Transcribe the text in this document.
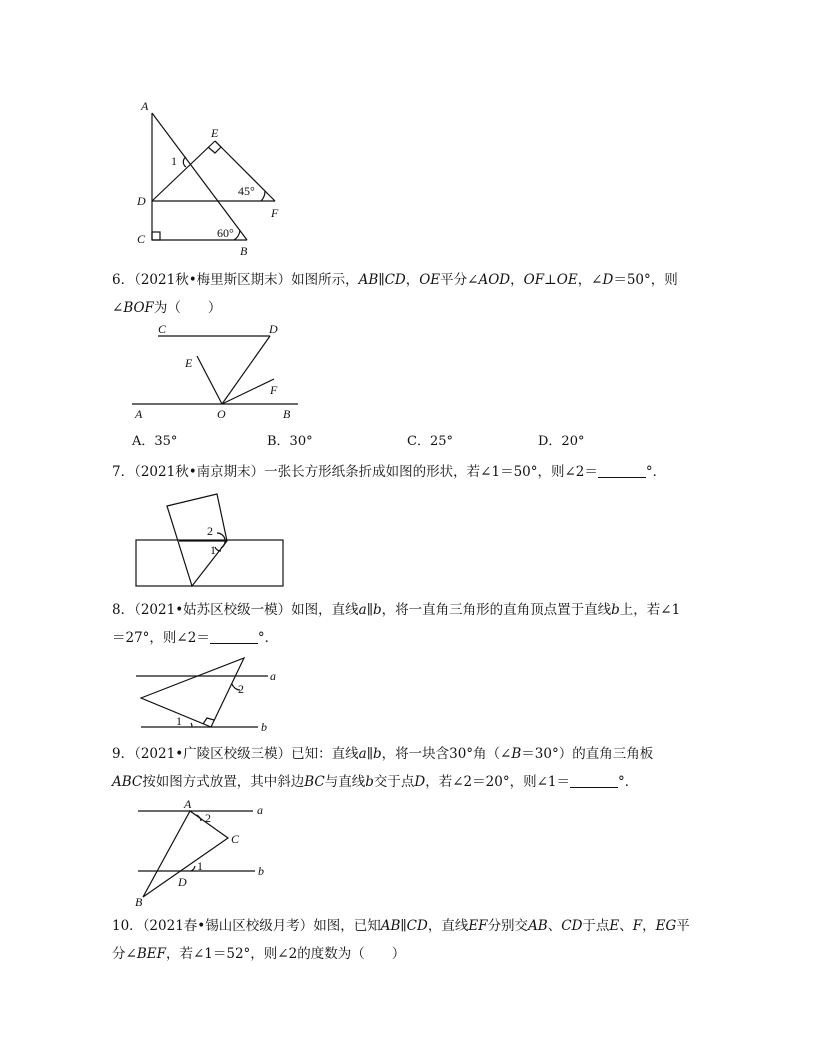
A
E
D
F
C
B
1
45°
60°
6．（2021秋•梅里斯区期末）如图所示，AB∥CD，OE平分∠AOD，OF⊥OE，∠D＝50°，则
∠BOF为（　　）
C	D
E
F
A	O	B
A．35°	B．30°	C．25°	D．20°
7．（2021秋•南京期末）一张长方形纸条折成如图的形状，若∠1＝50°，则∠2＝	°．
2
1
8．（2021•姑苏区校级一模）如图，直线a∥b，将一直角三角形的直角顶点置于直线b上，若∠1
＝27°，则∠2＝	°．
a
b
2
1
9．（2021•广陵区校级三模）已知：直线a∥b，将一块含30°角（∠B＝30°）的直角三角板
ABC按如图方式放置，其中斜边BC与直线b交于点D，若∠2＝20°，则∠1＝	°．
A	a
2
C
1	b
D
B
10．（2021春•锡山区校级月考）如图，已知AB∥CD，直线EF分别交AB、CD于点E、F，EG平
分∠BEF，若∠1＝52°，则∠2的度数为（　　）
